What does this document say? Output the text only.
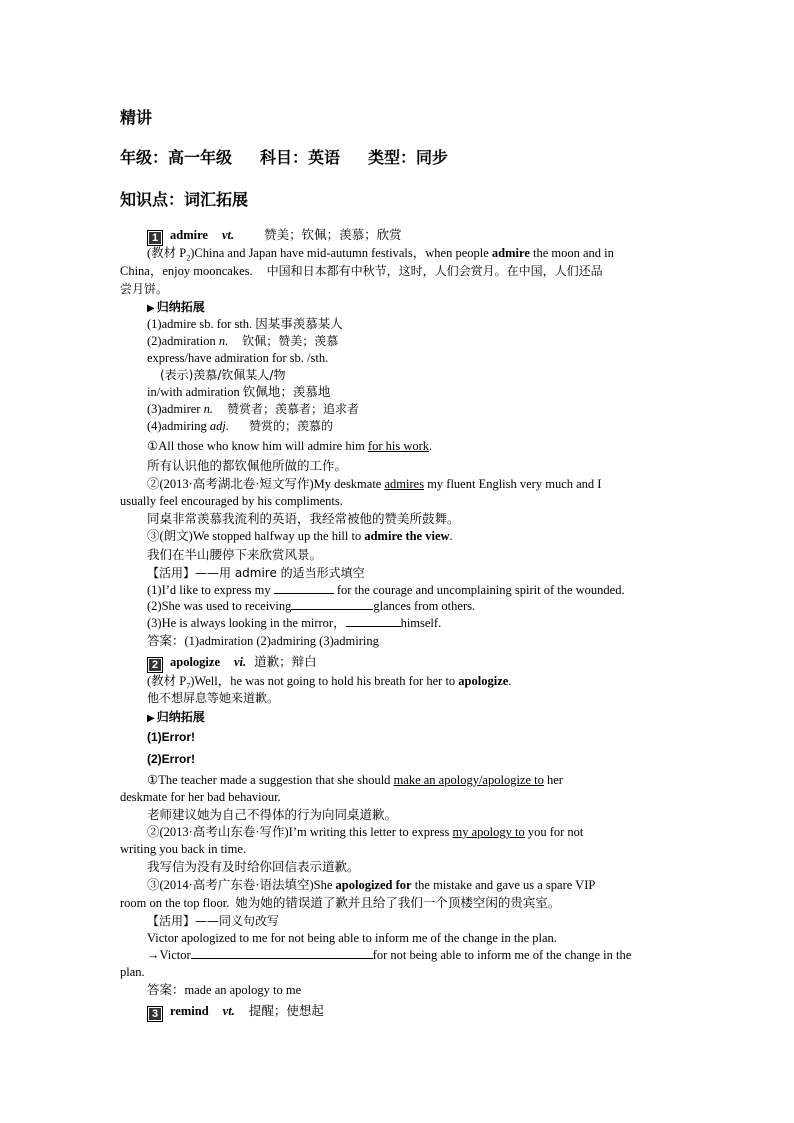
精讲
年级：高一年级 科目：英语 类型：同步
知识点：词汇拓展
1 admire vt. 赞美；钦佩；羡慕；欣赏
(教材 $P_2)China$ and Japan have mid-autumn festivals，when people admire the moon and in
China，enjoy mooncakes. 中国和日本都有中秋节，这时，人们会赏月。在中国，人们还品
尝月饼。
▶ 归纳拓展
(1)admire sb. for sth. 因某事羡慕某人
(2)admiration n. 钦佩；赞美；羡慕
express/have admiration for sb. /sth.
(表示)羡慕/钦佩某人/物
in/with admiration 钦佩地；羡慕地
(3)admirer n. 赞赏者；羡慕者；追求者
(4)admiring adj. 赞赏的；羡慕的
①All those who know him will admire him for his work.
所有认识他的都钦佩他所做的工作。
②(2013·高考湖北卷·短文写作)My deskmate admires my fluent English very much and I
usually feel encouraged by his compliments.
同桌非常羡慕我流利的英语，我经常被他的赞美所鼓舞。
③(朗文)We stopped halfway up the hill to admire the view.
我们在半山腰停下来欣赏风景。
【活用】——用 admire 的适当形式填空
(1)I’d like to express my	for the courage and uncomplaining spirit of the wounded.
(2)She was used to receiving	glances from others.
(3)He is always looking in the mirror，	himself.
答案：(1)admiration (2)admiring (3)admiring
2 apologize vi. 道歉；辩白
(教材 $P_7)Well$，he was not going to hold his breath for her to apologize.
他不想屏息等她来道歉。
▶ 归纳拓展
(1)Error!
(2)Error!
①The teacher made a suggestion that she should make an apology/apologize to her
deskmate for her bad behaviour.
老师建议她为自己不得体的行为向同桌道歉。
②(2013·高考山东卷·写作)I’m writing this letter to express my apology to you for not
writing you back in time.
我写信为没有及时给你回信表示道歉。
③(2014·高考广东卷·语法填空)She apologized for the mistake and gave us a spare VIP
room on the top floor. 她为她的错误道了歉并且给了我们一个顶楼空闲的贵宾室。
【活用】——同义句改写
Victor apologized to me for not being able to inform me of the change in the plan.
→Victor	for not being able to inform me of the change in the
plan.
答案：made an apology to me
3 remind vt. 提醒；使想起
